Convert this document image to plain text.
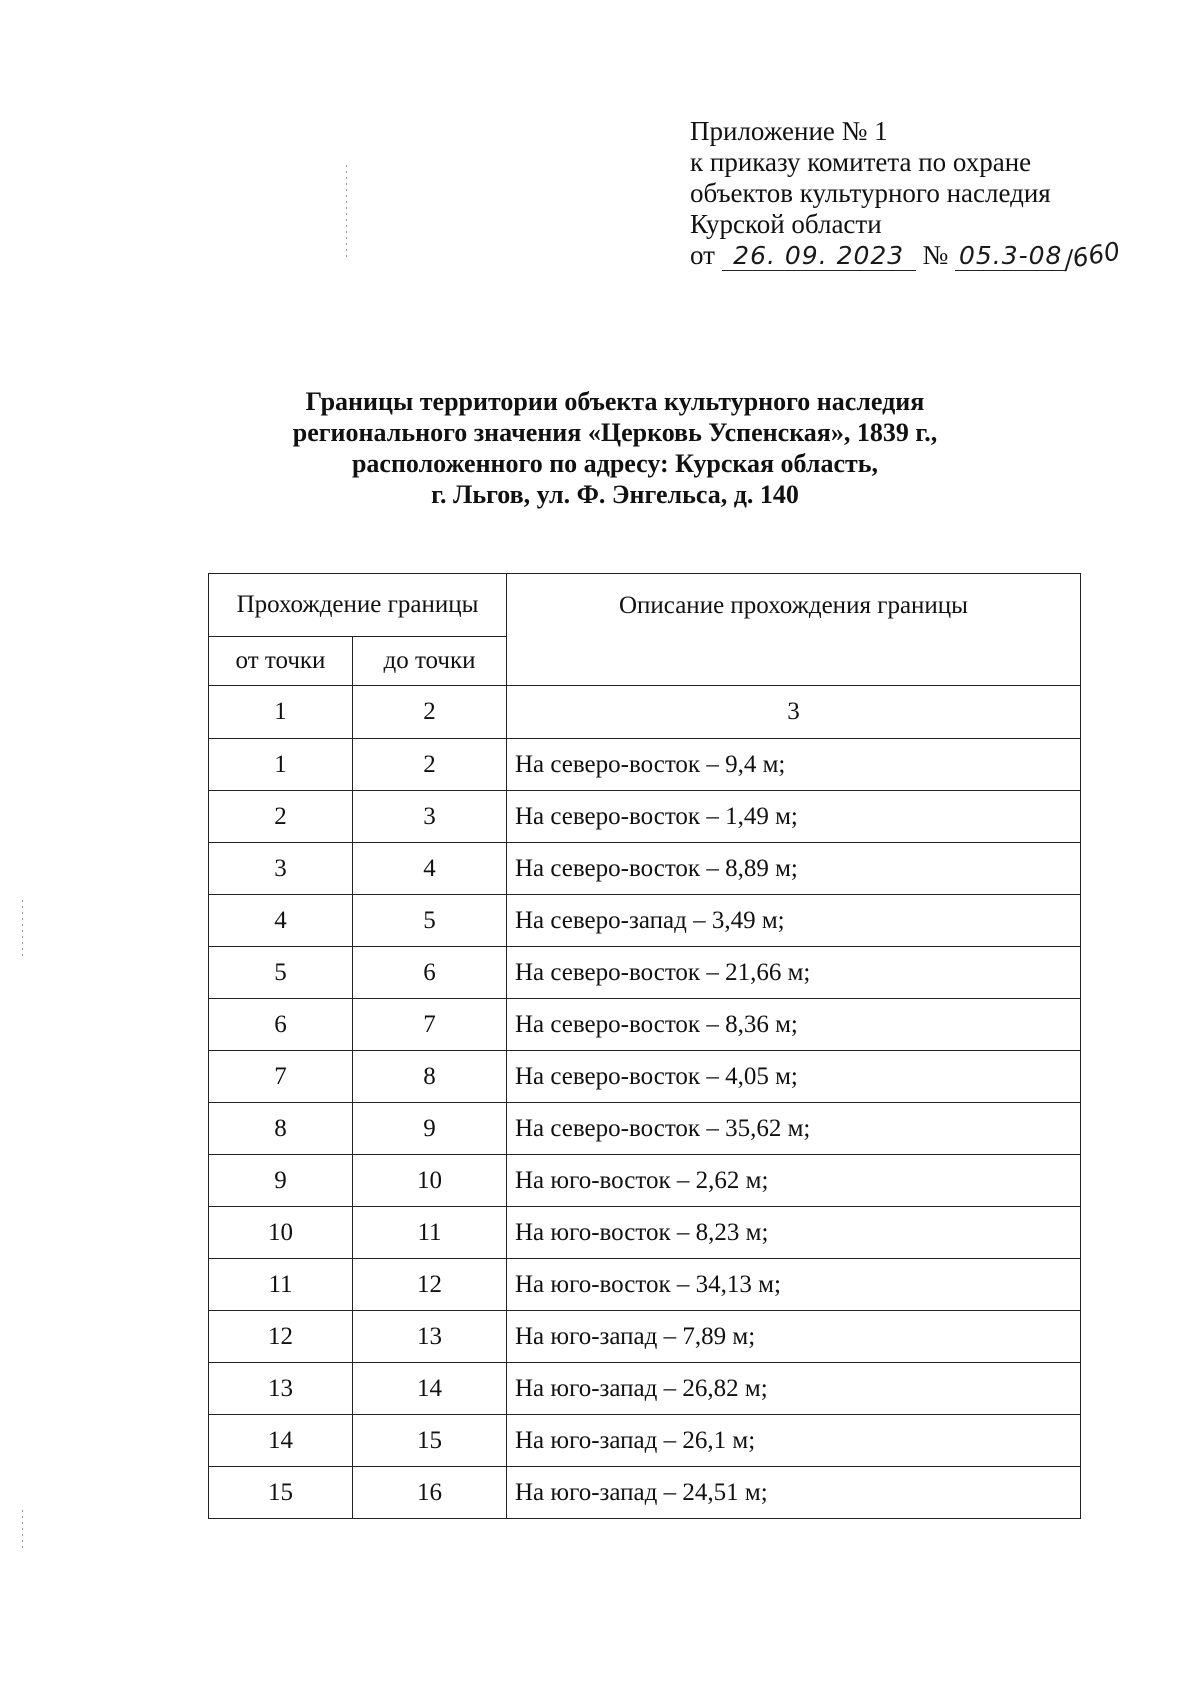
Приложение № 1
к приказу комитета по охране
объектов культурного наследия
Курской области
от 26. 09. 2023 № 05.3-08/660
Границы территории объекта культурного наследия
регионального значения «Церковь Успенская», 1839 г.,
расположенного по адресу: Курская область,
г. Льгов, ул. Ф. Энгельса, д. 140
Прохождение границы		Описание прохождения границы
от точки	до точки	
1	2	3
1	2	На северо-восток – 9,4 м;
2	3	На северо-восток – 1,49 м;
3	4	На северо-восток – 8,89 м;
4	5	На северо-запад – 3,49 м;
5	6	На северо-восток – 21,66 м;
6	7	На северо-восток – 8,36 м;
7	8	На северо-восток – 4,05 м;
8	9	На северо-восток – 35,62 м;
9	10	На юго-восток – 2,62 м;
10	11	На юго-восток – 8,23 м;
11	12	На юго-восток – 34,13 м;
12	13	На юго-запад – 7,89 м;
13	14	На юго-запад – 26,82 м;
14	15	На юго-запад – 26,1 м;
15	16	На юго-запад – 24,51 м;
